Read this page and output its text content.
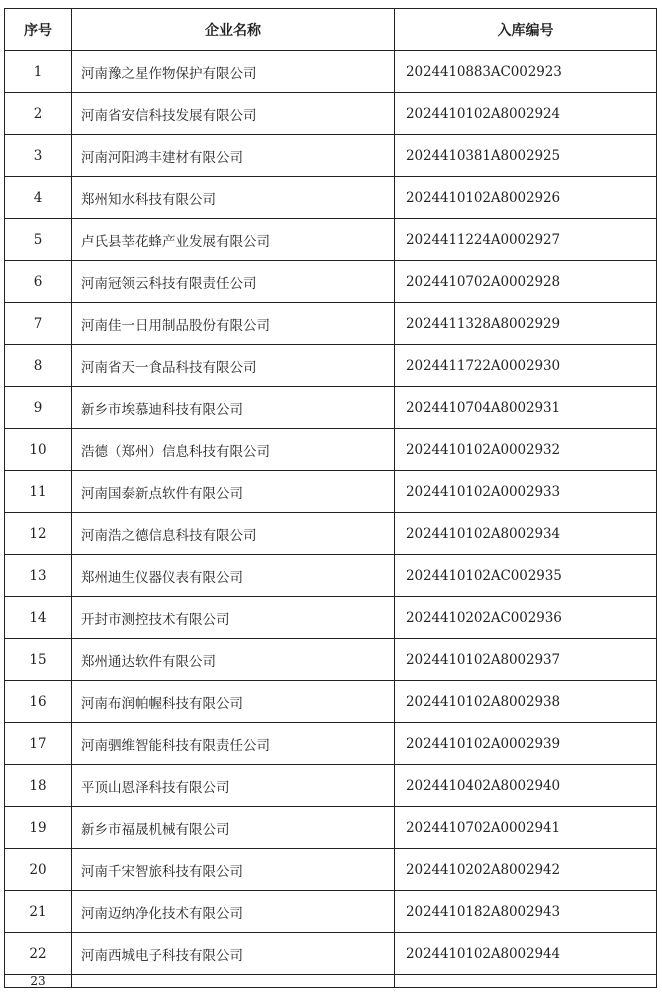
序号	企业名称	入库编号
1	河南豫之星作物保护有限公司	2024410883AC002923
2	河南省安信科技发展有限公司	2024410102A8002924
3	河南河阳鸿丰建材有限公司	2024410381A8002925
4	郑州知水科技有限公司	2024410102A8002926
5	卢氏县莘花蜂产业发展有限公司	2024411224A0002927
6	河南冠领云科技有限责任公司	2024410702A0002928
7	河南佳一日用制品股份有限公司	2024411328A8002929
8	河南省天一食品科技有限公司	2024411722A0002930
9	新乡市埃慕迪科技有限公司	2024410704A8002931
10	浩德（郑州）信息科技有限公司	2024410102A0002932
11	河南国泰新点软件有限公司	2024410102A0002933
12	河南浩之德信息科技有限公司	2024410102A8002934
13	郑州迪生仪器仪表有限公司	2024410102AC002935
14	开封市测控技术有限公司	2024410202AC002936
15	郑州通达软件有限公司	2024410102A8002937
16	河南布润帕幄科技有限公司	2024410102A8002938
17	河南驷维智能科技有限责任公司	2024410102A0002939
18	平顶山恩泽科技有限公司	2024410402A8002940
19	新乡市福晟机械有限公司	2024410702A0002941
20	河南千宋智旅科技有限公司	2024410202A8002942
21	河南迈纳净化技术有限公司	2024410182A8002943
22	河南西城电子科技有限公司	2024410102A8002944
23		
